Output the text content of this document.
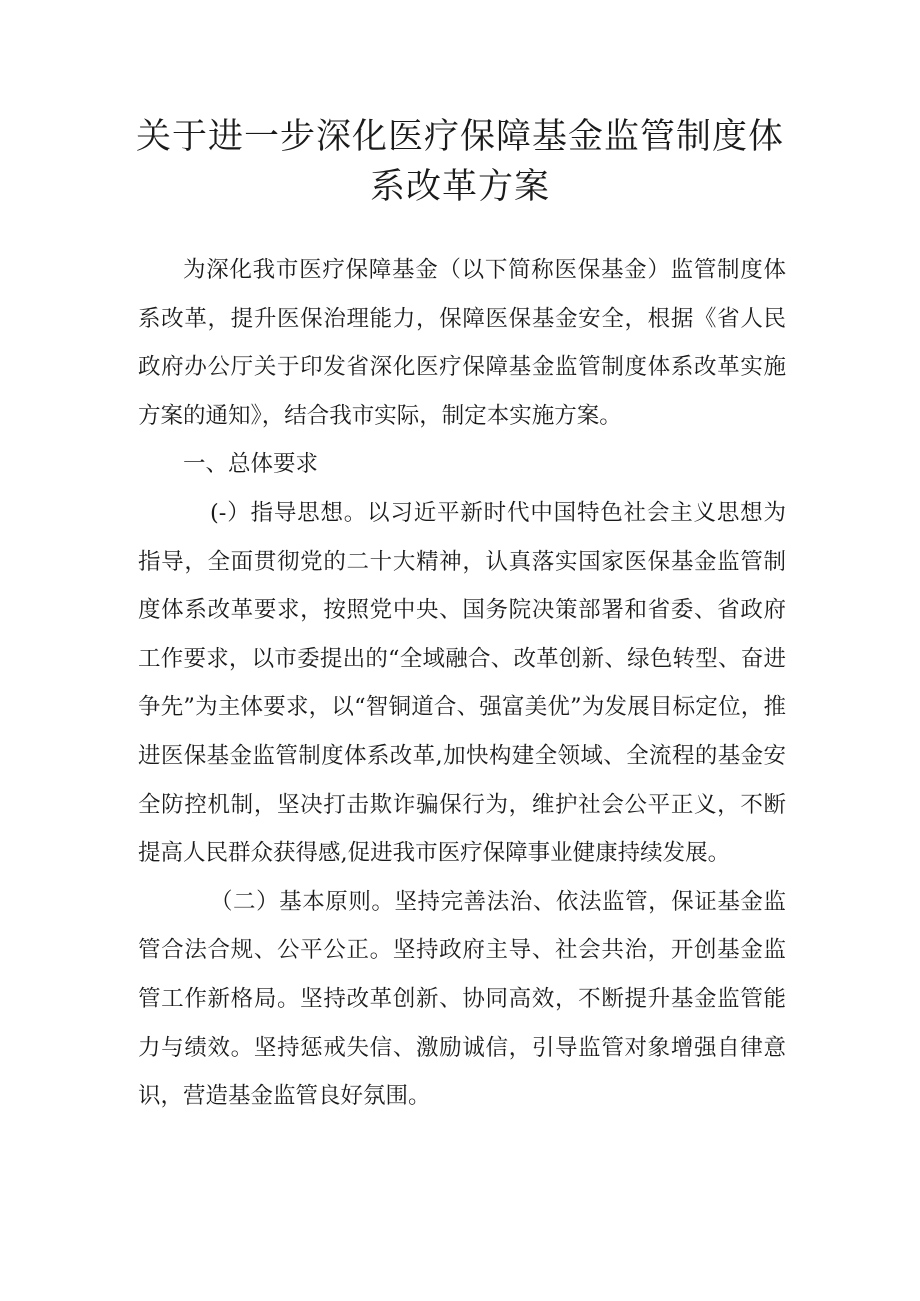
关于进一步深化医疗保障基金监管制度体
系改革方案

为深化我市医疗保障基金（以下简称医保基金）监管制度体系改革，提升医保治理能力，保障医保基金安全，根据《省人民政府办公厅关于印发省深化医疗保障基金监管制度体系改革实施方案的通知》，结合我市实际，制定本实施方案。

一、总体要求

(-）指导思想。以习近平新时代中国特色社会主义思想为指导，全面贯彻党的二十大精神，认真落实国家医保基金监管制度体系改革要求，按照党中央、国务院决策部署和省委、省政府工作要求，以市委提出的“全域融合、改革创新、绿色转型、奋进争先”为主体要求，以“智铜道合、强富美优”为发展目标定位，推进医保基金监管制度体系改革,加快构建全领域、全流程的基金安全防控机制，坚决打击欺诈骗保行为，维护社会公平正义，不断提高人民群众获得感,促进我市医疗保障事业健康持续发展。

（二）基本原则。坚持完善法治、依法监管，保证基金监管合法合规、公平公正。坚持政府主导、社会共治，开创基金监管工作新格局。坚持改革创新、协同高效，不断提升基金监管能力与绩效。坚持惩戒失信、激励诚信，引导监管对象增强自律意识，营造基金监管良好氛围。
